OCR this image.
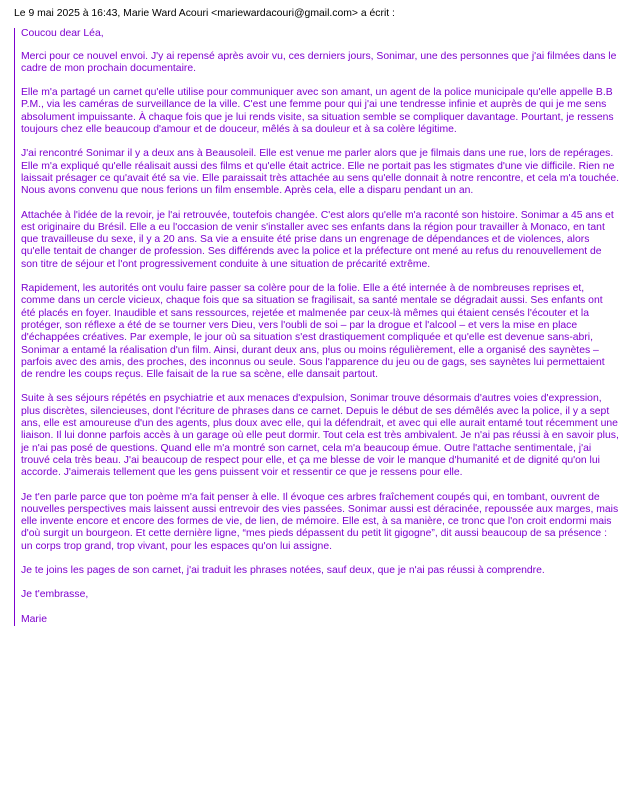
Le 9 mai 2025 à 16:43, Marie Ward Acouri <mariewardacouri@gmail.com> a écrit :

Coucou dear Léa,

Merci pour ce nouvel envoi. J'y ai repensé après avoir vu, ces derniers jours, Sonimar, une des personnes que j'ai filmées dans le cadre de mon prochain documentaire.

Elle m'a partagé un carnet qu'elle utilise pour communiquer avec son amant, un agent de la police municipale qu'elle appelle B.B P.M., via les caméras de surveillance de la ville. C'est une femme pour qui j'ai une tendresse infinie et auprès de qui je me sens absolument impuissante. À chaque fois que je lui rends visite, sa situation semble se compliquer davantage. Pourtant, je ressens toujours chez elle beaucoup d'amour et de douceur, mêlés à sa douleur et à sa colère légitime.

J'ai rencontré Sonimar il y a deux ans à Beausoleil. Elle est venue me parler alors que je filmais dans une rue, lors de repérages. Elle m'a expliqué qu'elle réalisait aussi des films et qu'elle était actrice. Elle ne portait pas les stigmates d'une vie difficile. Rien ne laissait présager ce qu'avait été sa vie. Elle paraissait très attachée au sens qu'elle donnait à notre rencontre, et cela m'a touchée. Nous avons convenu que nous ferions un film ensemble. Après cela, elle a disparu pendant un an.

Attachée à l'idée de la revoir, je l'ai retrouvée, toutefois changée. C'est alors qu'elle m'a raconté son histoire. Sonimar a 45 ans et est originaire du Brésil. Elle a eu l'occasion de venir s'installer avec ses enfants dans la région pour travailler à Monaco, en tant que travailleuse du sexe, il y a 20 ans. Sa vie a ensuite été prise dans un engrenage de dépendances et de violences, alors qu'elle tentait de changer de profession. Ses différends avec la police et la préfecture ont mené au refus du renouvellement de son titre de séjour et l'ont progressivement conduite à une situation de précarité extrême.

Rapidement, les autorités ont voulu faire passer sa colère pour de la folie. Elle a été internée à de nombreuses reprises et, comme dans un cercle vicieux, chaque fois que sa situation se fragilisait, sa santé mentale se dégradait aussi. Ses enfants ont été placés en foyer. Inaudible et sans ressources, rejetée et malmenée par ceux-là mêmes qui étaient censés l'écouter et la protéger, son réflexe a été de se tourner vers Dieu, vers l'oubli de soi – par la drogue et l'alcool – et vers la mise en place d'échappées créatives. Par exemple, le jour où sa situation s'est drastiquement compliquée et qu'elle est devenue sans-abri, Sonimar a entamé la réalisation d'un film. Ainsi, durant deux ans, plus ou moins régulièrement, elle a organisé des saynètes – parfois avec des amis, des proches, des inconnus ou seule. Sous l'apparence du jeu ou de gags, ses saynètes lui permettaient de rendre les coups reçus. Elle faisait de la rue sa scène, elle dansait partout.

Suite à ses séjours répétés en psychiatrie et aux menaces d'expulsion, Sonimar trouve désormais d'autres voies d'expression, plus discrètes, silencieuses, dont l'écriture de phrases dans ce carnet. Depuis le début de ses démêlés avec la police, il y a sept ans, elle est amoureuse d'un des agents, plus doux avec elle, qui la défendrait, et avec qui elle aurait entamé tout récemment une liaison. Il lui donne parfois accès à un garage où elle peut dormir. Tout cela est très ambivalent. Je n'ai pas réussi à en savoir plus, je n'ai pas posé de questions. Quand elle m'a montré son carnet, cela m'a beaucoup émue. Outre l'attache sentimentale, j'ai trouvé cela très beau. J'ai beaucoup de respect pour elle, et ça me blesse de voir le manque d'humanité et de dignité qu'on lui accorde. J'aimerais tellement que les gens puissent voir et ressentir ce que je ressens pour elle.

Je t'en parle parce que ton poème m'a fait penser à elle. Il évoque ces arbres fraîchement coupés qui, en tombant, ouvrent de nouvelles perspectives mais laissent aussi entrevoir des vies passées. Sonimar aussi est déracinée, repoussée aux marges, mais elle invente encore et encore des formes de vie, de lien, de mémoire. Elle est, à sa manière, ce tronc que l'on croit endormi mais d'où surgit un bourgeon. Et cette dernière ligne, “mes pieds dépassent du petit lit gigogne”, dit aussi beaucoup de sa présence : un corps trop grand, trop vivant, pour les espaces qu'on lui assigne.

Je te joins les pages de son carnet, j'ai traduit les phrases notées, sauf deux, que je n'ai pas réussi à comprendre.

Je t'embrasse,

Marie
